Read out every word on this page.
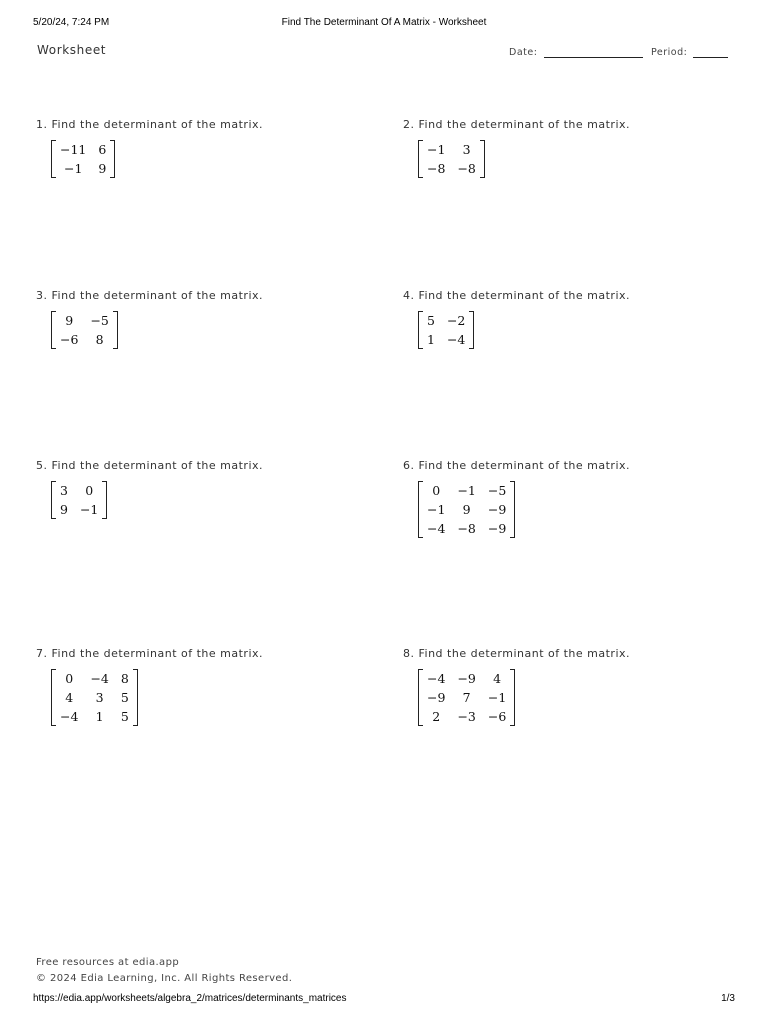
5/20/24, 7:24 PM	Find The Determinant Of A Matrix - Worksheet
Worksheet	Date:	Period:
1. Find the determinant of the matrix.
−11	6
−1	9
2. Find the determinant of the matrix.
−1	3
−8	−8
3. Find the determinant of the matrix.
9	−5
−6	8
4. Find the determinant of the matrix.
5	−2
1	−4
5. Find the determinant of the matrix.
3	0
9	−1
6. Find the determinant of the matrix.
0	−1	−5
−1	9	−9
−4	−8	−9
7. Find the determinant of the matrix.
0	−4	8
4	3	5
−4	1	5
8. Find the determinant of the matrix.
−4	−9	4
−9	7	−1
2	−3	−6
Free resources at edia.app
© 2024 Edia Learning, Inc. All Rights Reserved.
https://edia.app/worksheets/algebra_2/matrices/determinants_matrices	1/3
